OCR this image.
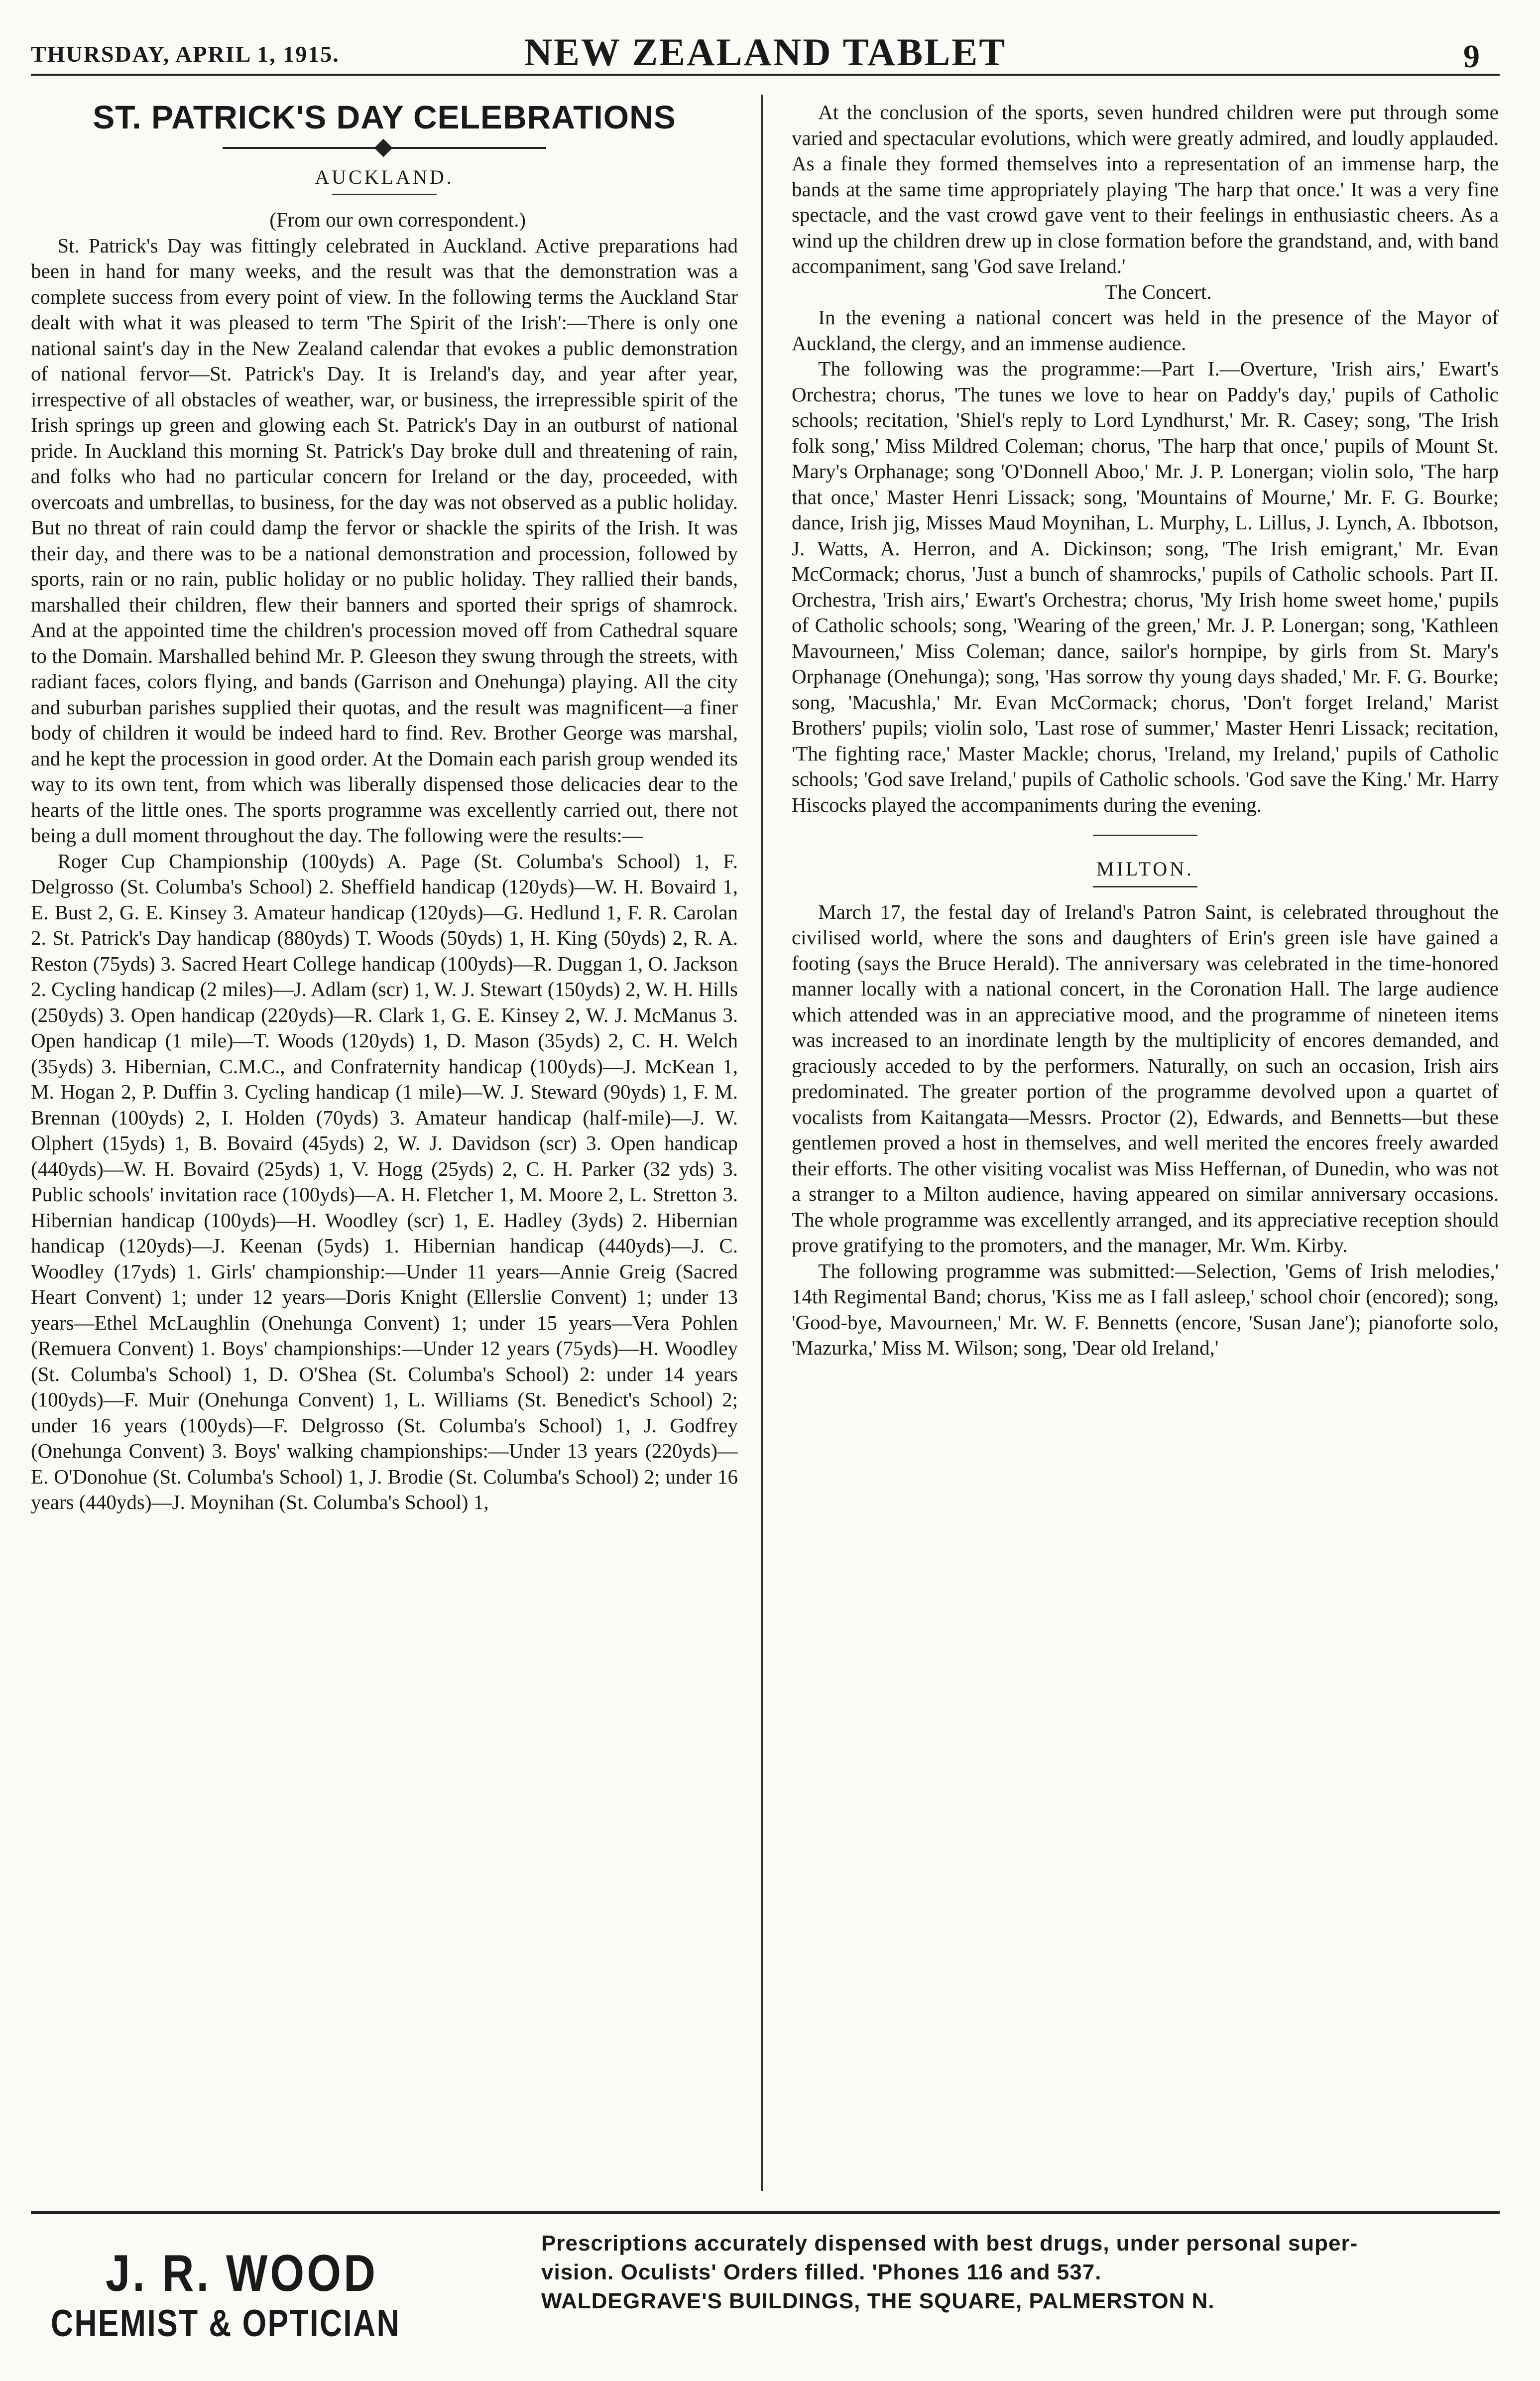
THURSDAY, APRIL 1, 1915.	NEW ZEALAND TABLET	9
ST. PATRICK'S DAY CELEBRATIONS
AUCKLAND.

(From our own correspondent.)

St. Patrick's Day was fittingly celebrated in Auckland. Active preparations had been in hand for many weeks, and the result was that the demonstration was a complete success from every point of view. In the following terms the Auckland Star dealt with what it was pleased to term 'The Spirit of the Irish':—There is only one national saint's day in the New Zealand calendar that evokes a public demonstration of national fervor—St. Patrick's Day. It is Ireland's day, and year after year, irrespective of all obstacles of weather, war, or business, the irrepressible spirit of the Irish springs up green and glowing each St. Patrick's Day in an outburst of national pride. In Auckland this morning St. Patrick's Day broke dull and threatening of rain, and folks who had no particular concern for Ireland or the day, proceeded, with overcoats and umbrellas, to business, for the day was not observed as a public holiday. But no threat of rain could damp the fervor or shackle the spirits of the Irish. It was their day, and there was to be a national demonstration and procession, followed by sports, rain or no rain, public holiday or no public holiday. They rallied their bands, marshalled their children, flew their banners and sported their sprigs of shamrock. And at the appointed time the children's procession moved off from Cathedral square to the Domain. Marshalled behind Mr. P. Gleeson they swung through the streets, with radiant faces, colors flying, and bands (Garrison and Onehunga) playing. All the city and suburban parishes supplied their quotas, and the result was magnificent—a finer body of children it would be indeed hard to find. Rev. Brother George was marshal, and he kept the procession in good order. At the Domain each parish group wended its way to its own tent, from which was liberally dispensed those delicacies dear to the hearts of the little ones. The sports programme was excellently carried out, there not being a dull moment throughout the day. The following were the results:—

Roger Cup Championship (100yds) A. Page (St. Columba's School) 1, F. Delgrosso (St. Columba's School) 2. Sheffield handicap (120yds)—W. H. Bovaird 1, E. Bust 2, G. E. Kinsey 3. Amateur handicap (120yds)—G. Hedlund 1, F. R. Carolan 2. St. Patrick's Day handicap (880yds) T. Woods (50yds) 1, H. King (50yds) 2, R. A. Reston (75yds) 3. Sacred Heart College handicap (100yds)—R. Duggan 1, O. Jackson 2. Cycling handicap (2 miles)—J. Adlam (scr) 1, W. J. Stewart (150yds) 2, W. H. Hills (250yds) 3. Open handicap (220yds)—R. Clark 1, G. E. Kinsey 2, W. J. McManus 3. Open handicap (1 mile)—T. Woods (120yds) 1, D. Mason (35yds) 2, C. H. Welch (35yds) 3. Hibernian, C.M.C., and Confraternity handicap (100yds)—J. McKean 1, M. Hogan 2, P. Duffin 3. Cycling handicap (1 mile)—W. J. Steward (90yds) 1, F. M. Brennan (100yds) 2, I. Holden (70yds) 3. Amateur handicap (half-mile)—J. W. Olphert (15yds) 1, B. Bovaird (45yds) 2, W. J. Davidson (scr) 3. Open handicap (440yds)—W. H. Bovaird (25yds) 1, V. Hogg (25yds) 2, C. H. Parker (32 yds) 3. Public schools' invitation race (100yds)—A. H. Fletcher 1, M. Moore 2, L. Stretton 3. Hibernian handicap (100yds)—H. Woodley (scr) 1, E. Hadley (3yds) 2. Hibernian handicap (120yds)—J. Keenan (5yds) 1. Hibernian handicap (440yds)—J. C. Woodley (17yds) 1. Girls' championship:—Under 11 years—Annie Greig (Sacred Heart Convent) 1; under 12 years—Doris Knight (Ellerslie Convent) 1; under 13 years—Ethel McLaughlin (Onehunga Convent) 1; under 15 years—Vera Pohlen (Remuera Convent) 1. Boys' championships:—Under 12 years (75yds)—H. Woodley (St. Columba's School) 1, D. O'Shea (St. Columba's School) 2: under 14 years (100yds)—F. Muir (Onehunga Convent) 1, L. Williams (St. Benedict's School) 2; under 16 years (100yds)—F. Delgrosso (St. Columba's School) 1, J. Godfrey (Onehunga Convent) 3. Boys' walking championships:—Under 13 years (220yds)—E. O'Donohue (St. Columba's School) 1, J. Brodie (St. Columba's School) 2; under 16 years (440yds)—J. Moynihan (St. Columba's School) 1,

At the conclusion of the sports, seven hundred children were put through some varied and spectacular evolutions, which were greatly admired, and loudly applauded. As a finale they formed themselves into a representation of an immense harp, the bands at the same time appropriately playing 'The harp that once.' It was a very fine spectacle, and the vast crowd gave vent to their feelings in enthusiastic cheers. As a wind up the children drew up in close formation before the grandstand, and, with band accompaniment, sang 'God save Ireland.'

The Concert.

In the evening a national concert was held in the presence of the Mayor of Auckland, the clergy, and an immense audience.

The following was the programme:—Part I.—Overture, 'Irish airs,' Ewart's Orchestra; chorus, 'The tunes we love to hear on Paddy's day,' pupils of Catholic schools; recitation, 'Shiel's reply to Lord Lyndhurst,' Mr. R. Casey; song, 'The Irish folk song,' Miss Mildred Coleman; chorus, 'The harp that once,' pupils of Mount St. Mary's Orphanage; song 'O'Donnell Aboo,' Mr. J. P. Lonergan; violin solo, 'The harp that once,' Master Henri Lissack; song, 'Mountains of Mourne,' Mr. F. G. Bourke; dance, Irish jig, Misses Maud Moynihan, L. Murphy, L. Lillus, J. Lynch, A. Ibbotson, J. Watts, A. Herron, and A. Dickinson; song, 'The Irish emigrant,' Mr. Evan McCormack; chorus, 'Just a bunch of shamrocks,' pupils of Catholic schools. Part II. Orchestra, 'Irish airs,' Ewart's Orchestra; chorus, 'My Irish home sweet home,' pupils of Catholic schools; song, 'Wearing of the green,' Mr. J. P. Lonergan; song, 'Kathleen Mavourneen,' Miss Coleman; dance, sailor's hornpipe, by girls from St. Mary's Orphanage (Onehunga); song, 'Has sorrow thy young days shaded,' Mr. F. G. Bourke; song, 'Macushla,' Mr. Evan McCormack; chorus, 'Don't forget Ireland,' Marist Brothers' pupils; violin solo, 'Last rose of summer,' Master Henri Lissack; recitation, 'The fighting race,' Master Mackle; chorus, 'Ireland, my Ireland,' pupils of Catholic schools; 'God save Ireland,' pupils of Catholic schools. 'God save the King.' Mr. Harry Hiscocks played the accompaniments during the evening.

MILTON.

March 17, the festal day of Ireland's Patron Saint, is celebrated throughout the civilised world, where the sons and daughters of Erin's green isle have gained a footing (says the Bruce Herald). The anniversary was celebrated in the time-honored manner locally with a national concert, in the Coronation Hall. The large audience which attended was in an appreciative mood, and the programme of nineteen items was increased to an inordinate length by the multiplicity of encores demanded, and graciously acceded to by the performers. Naturally, on such an occasion, Irish airs predominated. The greater portion of the programme devolved upon a quartet of vocalists from Kaitangata—Messrs. Proctor (2), Edwards, and Bennetts—but these gentlemen proved a host in themselves, and well merited the encores freely awarded their efforts. The other visiting vocalist was Miss Heffernan, of Dunedin, who was not a stranger to a Milton audience, having appeared on similar anniversary occasions. The whole programme was excellently arranged, and its appreciative reception should prove gratifying to the promoters, and the manager, Mr. Wm. Kirby.

The following programme was submitted:—Selection, 'Gems of Irish melodies,' 14th Regimental Band; chorus, 'Kiss me as I fall asleep,' school choir (encored); song, 'Good-bye, Mavourneen,' Mr. W. F. Bennetts (encore, 'Susan Jane'); pianoforte solo, 'Mazurka,' Miss M. Wilson; song, 'Dear old Ireland,'

J. R. WOOD
CHEMIST & OPTICIAN
Prescriptions accurately dispensed with best drugs, under personal super-
vision. Oculists' Orders filled. 'Phones 116 and 537.
WALDEGRAVE'S BUILDINGS, THE SQUARE, PALMERSTON N.
